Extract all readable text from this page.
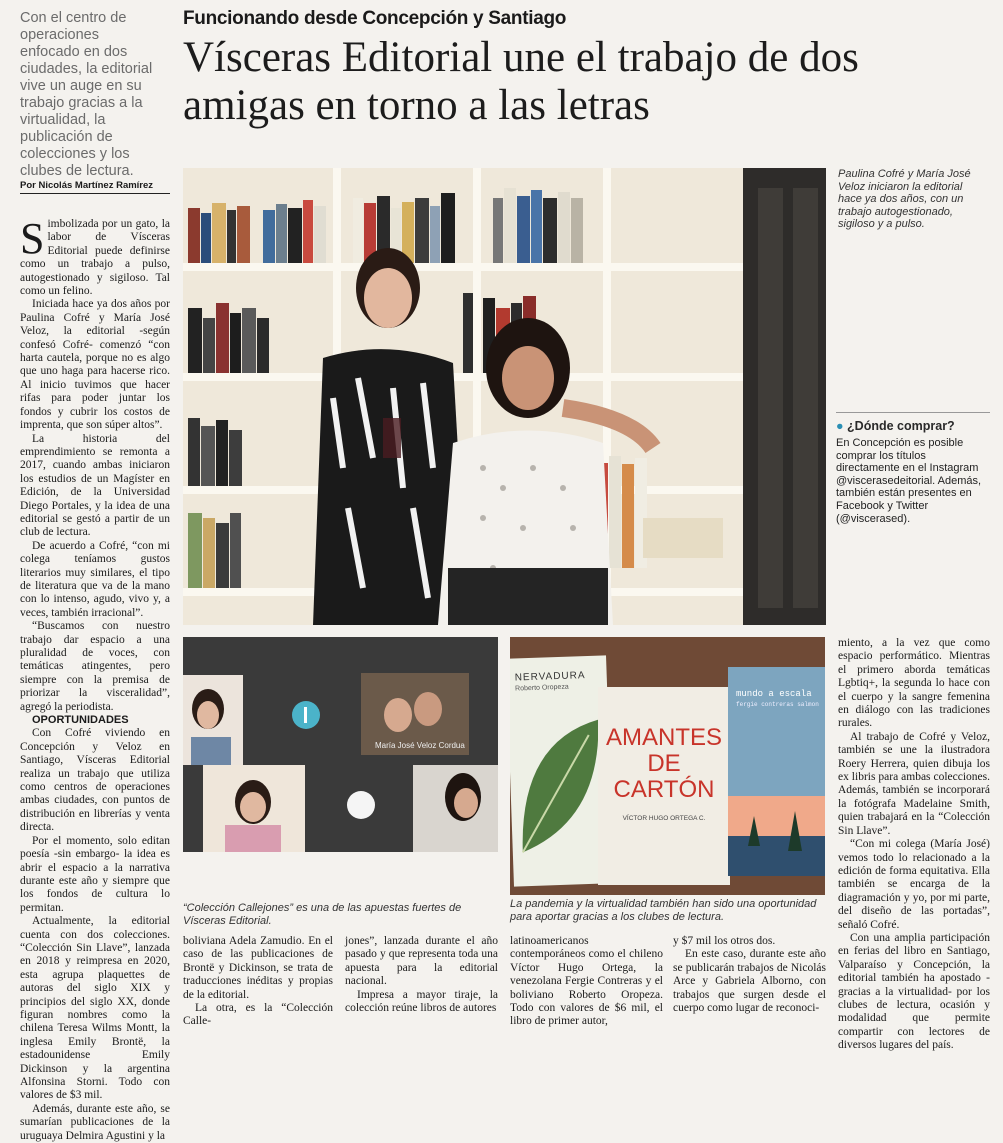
Con el centro de operaciones enfocado en dos ciudades, la editorial vive un auge en su trabajo gracias a la virtualidad, la publicación de colecciones y los clubes de lectura.
Funcionando desde Concepción y Santiago
Vísceras Editorial une el trabajo de dos amigas en torno a las letras
Por Nicolás Martínez Ramírez

Simbolizada por un gato, la labor de Vísceras Editorial puede definirse como un trabajo a pulso, autogestionado y sigiloso. Tal como un felino.

Iniciada hace ya dos años por Paulina Cofré y María José Veloz, la editorial -según confesó Cofré- comenzó “con harta cautela, porque no es algo que uno haga para hacerse rico. Al inicio tuvimos que hacer rifas para poder juntar los fondos y cubrir los costos de imprenta, que son súper altos”.

La historia del emprendimiento se remonta a 2017, cuando ambas iniciaron los estudios de un Magíster en Edición, de la Universidad Diego Portales, y la idea de una editorial se gestó a partir de un club de lectura.

De acuerdo a Cofré, “con mi colega teníamos gustos literarios muy similares, el tipo de literatura que va de la mano con lo intenso, agudo, vivo y, a veces, también irracional”.

“Buscamos con nuestro trabajo dar espacio a una pluralidad de voces, con temáticas atingentes, pero siempre con la premisa de priorizar la visceralidad”, agregó la periodista.

OPORTUNIDADES

Con Cofré viviendo en Concepción y Veloz en Santiago, Vísceras Editorial realiza un trabajo que utiliza como centros de operaciones ambas ciudades, con puntos de distribución en librerías y venta directa.

Por el momento, solo editan poesía -sin embargo- la idea es abrir el espacio a la narrativa durante este año y siempre que los fondos de cultura lo permitan.

Actualmente, la editorial cuenta con dos colecciones. “Colección Sin Llave”, lanzada en 2018 y reimpresa en 2020, esta agrupa plaquettes de autoras del siglo XIX y principios del siglo XX, donde figuran nombres como la chilena Teresa Wilms Montt, la inglesa Emily Brontë, la estadounidense Emily Dickinson y la argentina Alfonsina Storni. Todo con valores de $3 mil.

Además, durante este año, se sumarían publicaciones de la uruguaya Delmira Agustini y la

Paulina Cofré y María José Veloz iniciaron la editorial hace ya dos años, con un trabajo autogestionado, sigiloso y a pulso.
● ¿Dónde comprar?
En Concepción es posible comprar los títulos directamente en el Instagram @viscerasedeitorial. Además, también están presentes en Facebook y Twitter (@viscerased).
María José Veloz Cordua
“Colección Callejones” es una de las apuestas fuertes de Vísceras Editorial.
NERVADURA
Roberto Oropeza
AMANTES DE CARTÓN
VÍCTOR HUGO ORTEGA C.
mundo a escala
fergie contreras salmon
La pandemia y la virtualidad también han sido una oportunidad para aportar gracias a los clubes de lectura.

boliviana Adela Zamudio. En el caso de las publicaciones de Brontë y Dickinson, se trata de traducciones inéditas y propias de la editorial.

La otra, es la “Colección Calle-

jones”, lanzada durante el año pasado y que representa toda una apuesta para la editorial nacional.

Impresa a mayor tiraje, la colección reúne libros de autores

latinoamericanos contemporáneos como el chileno Víctor Hugo Ortega, la venezolana Fergie Contreras y el boliviano Roberto Oropeza. Todo con valores de $6 mil, el libro de primer autor,

y $7 mil los otros dos.

En este caso, durante este año se publicarán trabajos de Nicolás Arce y Gabriela Alborno, con trabajos que surgen desde el cuerpo como lugar de reconoci-

miento, a la vez que como espacio performático. Mientras el primero aborda temáticas Lgbtiq+, la segunda lo hace con el cuerpo y la sangre femenina en diálogo con las tradiciones rurales.

Al trabajo de Cofré y Veloz, también se une la ilustradora Roery Herrera, quien dibuja los ex libris para ambas colecciones. Además, también se incorporará la fotógrafa Madelaine Smith, quien trabajará en la “Colección Sin Llave”.

“Con mi colega (María José) vemos todo lo relacionado a la edición de forma equitativa. Ella también se encarga de la diagramación y yo, por mi parte, del diseño de las portadas”, señaló Cofré.

Con una amplia participación en ferias del libro en Santiago, Valparaíso y Concepción, la editorial también ha apostado -gracias a la virtualidad- por los clubes de lectura, ocasión y modalidad que permite compartir con lectores de diversos lugares del país.
